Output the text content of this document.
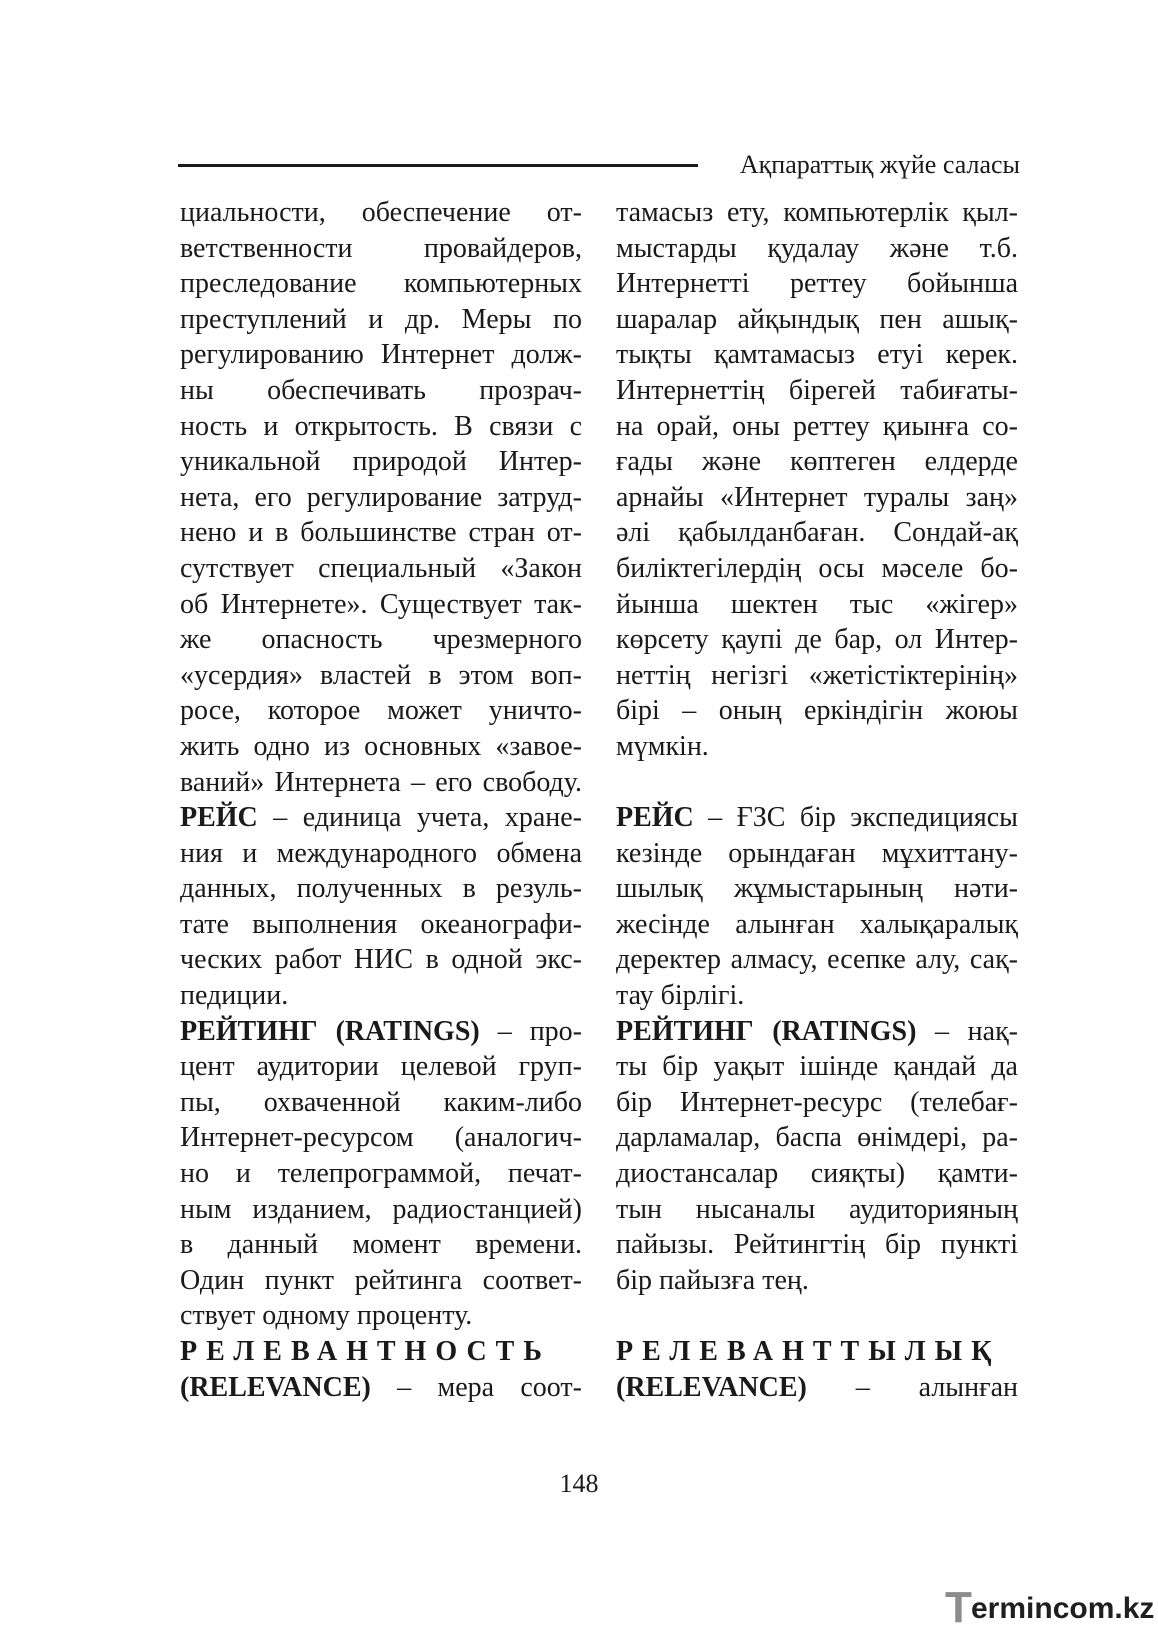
Ақпараттық жүйе саласы
циальности, обеспечение от-
ветственности провайдеров,
преследование компьютерных
преступлений и др. Меры по
регулированию Интернет долж-
ны обеспечивать прозрач-
ность и открытость. В связи с
уникальной природой Интер-
нета, его регулирование затруд-
нено и в большинстве стран от-
сутствует специальный «Закон
об Интернете». Существует так-
же опасность чрезмерного
«усердия» властей в этом воп-
росе, которое может уничто-
жить одно из основных «завое-
ваний» Интернета – его свободу.
РЕЙС – единица учета, хране-
ния и международного обмена
данных, полученных в резуль-
тате выполнения океанографи-
ческих работ НИС в одной экс-
педиции.
РЕЙТИНГ (RATINGS) – про-
цент аудитории целевой груп-
пы, охваченной каким-либо
Интернет-ресурсом (аналогич-
но и телепрограммой, печат-
ным изданием, радиостанцией)
в данный момент времени.
Один пункт рейтинга соответ-
ствует одному проценту.
РЕЛЕВАНТНОСТЬ
(RELEVANCE) – мера соот-
тамасыз ету, компьютерлік қыл-
мыстарды қудалау және т.б.
Интернетті реттеу бойынша
шаралар айқындық пен ашық-
тықты қамтамасыз етуі керек.
Интернеттің бірегей табиғаты-
на орай, оны реттеу қиынға со-
ғады және көптеген елдерде
арнайы «Интернет туралы заң»
әлі қабылданбаған. Сондай-ақ
биліктегілердің осы мәселе бо-
йынша шектен тыс «жігер»
көрсету қаупі де бар, ол Интер-
неттің негізгі «жетістіктерінің»
бірі – оның еркіндігін жоюы
мүмкін.
РЕЙС – ҒЗС бір экспедициясы
кезінде орындаған мұхиттану-
шылық жұмыстарының нәти-
жесінде алынған халықаралық
деректер алмасу, есепке алу, сақ-
тау бірлігі.
РЕЙТИНГ (RATINGS) – нақ-
ты бір уақыт ішінде қандай да
бір Интернет-ресурс (телебағ-
дарламалар, баспа өнімдері, ра-
диостансалар сияқты) қамти-
тын нысаналы аудиторияның
пайызы. Рейтингтің бір пункті
бір пайызға тең.
РЕЛЕВАНТТЫЛЫҚ
(RELEVANCE) – алынған
148
T ermincom.kz
